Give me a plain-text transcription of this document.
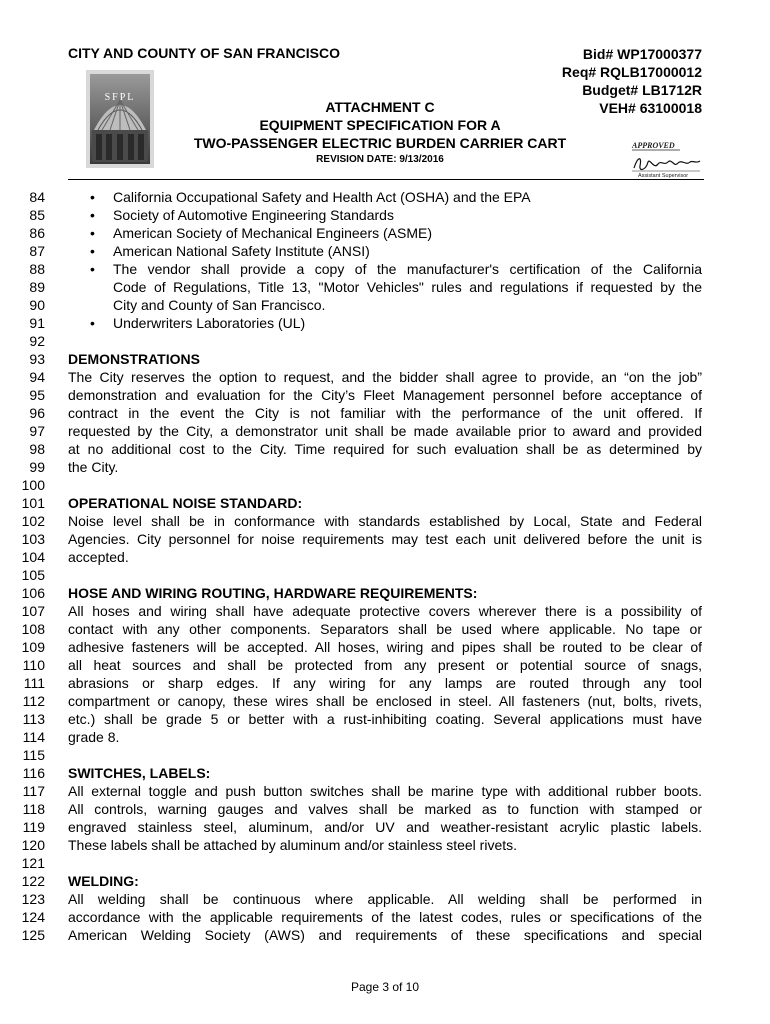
CITY AND COUNTY OF SAN FRANCISCO	Bid# WP17000377
Req# RQLB17000012
Budget# LB1712R
VEH# 63100018
SFPL
ATTACHMENT C
EQUIPMENT SPECIFICATION FOR A
TWO-PASSENGER ELECTRIC BURDEN CARRIER CART
REVISION DATE: 9/13/2016
APPROVED
Assistant Supervisor
84	• California Occupational Safety and Health Act (OSHA) and the EPA
85	• Society of Automotive Engineering Standards
86	• American Society of Mechanical Engineers (ASME)
87	• American National Safety Institute (ANSI)
88	• The vendor shall provide a copy of the manufacturer's certification of the California
89	Code of Regulations, Title 13, "Motor Vehicles" rules and regulations if requested by the
90	City and County of San Francisco.
91	• Underwriters Laboratories (UL)
92
93 DEMONSTRATIONS
94 The City reserves the option to request, and the bidder shall agree to provide, an “on the job”
95 demonstration and evaluation for the City’s Fleet Management personnel before acceptance of
96 contract in the event the City is not familiar with the performance of the unit offered. If
97 requested by the City, a demonstrator unit shall be made available prior to award and provided
98 at no additional cost to the City. Time required for such evaluation shall be as determined by
99 the City.
100
101 OPERATIONAL NOISE STANDARD:
102 Noise level shall be in conformance with standards established by Local, State and Federal
103 Agencies. City personnel for noise requirements may test each unit delivered before the unit is
104 accepted.
105
106 HOSE AND WIRING ROUTING, HARDWARE REQUIREMENTS:
107 All hoses and wiring shall have adequate protective covers wherever there is a possibility of
108 contact with any other components. Separators shall be used where applicable. No tape or
109 adhesive fasteners will be accepted. All hoses, wiring and pipes shall be routed to be clear of
110 all heat sources and shall be protected from any present or potential source of snags,
111 abrasions or sharp edges. If any wiring for any lamps are routed through any tool
112 compartment or canopy, these wires shall be enclosed in steel. All fasteners (nut, bolts, rivets,
113 etc.) shall be grade 5 or better with a rust-inhibiting coating. Several applications must have
114 grade 8.
115
116 SWITCHES, LABELS:
117 All external toggle and push button switches shall be marine type with additional rubber boots.
118 All controls, warning gauges and valves shall be marked as to function with stamped or
119 engraved stainless steel, aluminum, and/or UV and weather-resistant acrylic plastic labels.
120 These labels shall be attached by aluminum and/or stainless steel rivets.
121
122 WELDING:
123 All welding shall be continuous where applicable. All welding shall be performed in
124 accordance with the applicable requirements of the latest codes, rules or specifications of the
125 American Welding Society (AWS) and requirements of these specifications and special
Page 3 of 10
